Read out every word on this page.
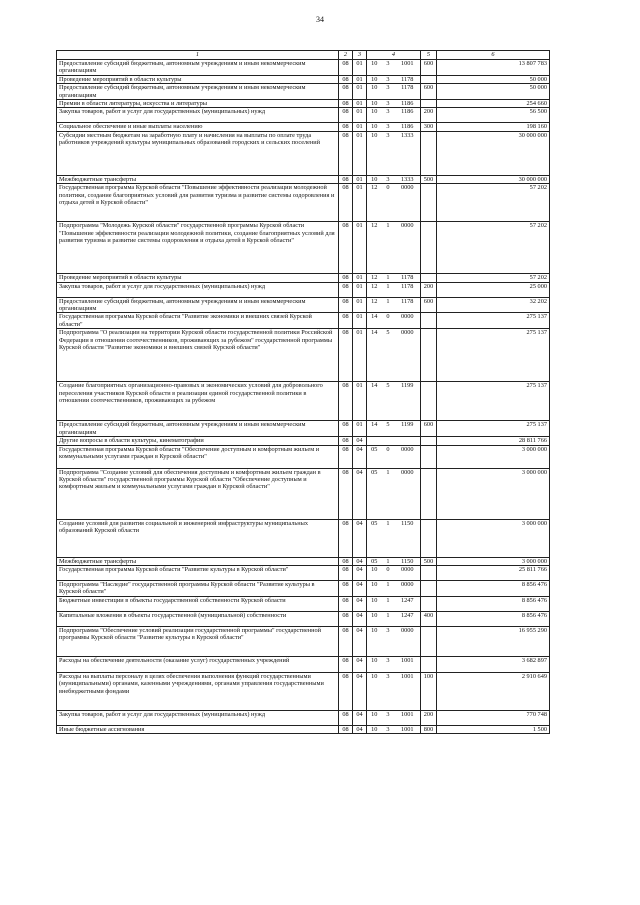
34
1	2	3	4			5	6
Предоставление субсидий бюджетным, автономным учреждениям и иным некоммерческим организациям	08	01	10	3	1001	600	13 807 783
Проведение мероприятий в области культуры	08	01	10	3	1178		50 000
Предоставление субсидий бюджетным, автономным учреждениям и иным некоммерческим организациям	08	01	10	3	1178	600	50 000
Премии в области литературы, искусства и литературы	08	01	10	3	1186		254 660
Закупка товаров, работ и услуг для государственных (муниципальных) нужд	08	01	10	3	1186	200	56 500
Социальное обеспечение и иные выплаты населению	08	01	10	3	1186	300	198 160
Субсидии местным бюджетам на заработную плату и начисления на выплаты по оплате труда работников учреждений культуры муниципальных образований городских и сельских поселений	08	01	10	3	1333		30 000 000
Межбюджетные трансферты	08	01	10	3	1333	500	30 000 000
Государственная программа Курской области "Повышение эффективности реализации молодежной политики, создание благоприятных условий для развития туризма и развитие системы оздоровления и отдыха детей в Курской области"	08	01	12	0	0000		57 202
Подпрограмма "Молодежь Курской области" государственной программы Курской области "Повышение эффективности реализации молодежной политики, создание благоприятных условий для развития туризма и развитие системы оздоровления и отдыха детей в Курской области"	08	01	12	1	0000		57 202
Проведение мероприятий в области культуры	08	01	12	1	1178		57 202
Закупка товаров, работ и услуг для государственных (муниципальных) нужд	08	01	12	1	1178	200	25 000
Предоставление субсидий бюджетным, автономным учреждениям и иным некоммерческим организациям	08	01	12	1	1178	600	32 202
Государственная программа Курской области "Развитие экономики и внешних связей Курской области"	08	01	14	0	0000		275 137
Подпрограмма "О реализации на территории Курской области государственной политики Российской Федерации в отношении соотечественников, проживающих за рубежом" государственной программы Курской области "Развитие экономики и внешних связей Курской области"	08	01	14	5	0000		275 137
Создание благоприятных организационно-правовых и экономических условий для добровольного переселения участников Курской области в реализации единой государственной политики в отношении соотечественников, проживающих за рубежом	08	01	14	5	1199		275 137
Предоставление субсидий бюджетным, автономным учреждениям и иным некоммерческим организациям	08	01	14	5	1199	600	275 137
Другие вопросы в области культуры, кинематографии	08	04					28 811 766
Государственная программа Курской области "Обеспечение доступным и комфортным жильем и коммунальными услугами граждан в Курской области"	08	04	05	0	0000		3 000 000
Подпрограмма "Создание условий для обеспечения доступным и комфортным жильем граждан в Курской области" государственной программы Курской области "Обеспечение доступным и комфортным жильем и коммунальными услугами граждан в Курской области"	08	04	05	1	0000		3 000 000
Создание условий для развития социальной и инженерной инфраструктуры муниципальных образований Курской области	08	04	05	1	1150		3 000 000
Межбюджетные трансферты	08	04	05	1	1150	500	3 000 000
Государственная программа Курской области "Развитие культуры в Курской области"	08	04	10	0	0000		25 811 766
Подпрограмма "Наследие" государственной программы Курской области "Развитие культуры в Курской области"	08	04	10	1	0000		8 856 476
Бюджетные инвестиции в объекты государственной собственности Курской области	08	04	10	1	1247		8 856 476
Капитальные вложения в объекты государственной (муниципальной) собственности	08	04	10	1	1247	400	8 856 476
Подпрограмма "Обеспечение условий реализации государственной программы" государственной программы Курской области "Развитие культуры в Курской области"	08	04	10	3	0000		16 955 290
Расходы на обеспечение деятельности (оказание услуг) государственных учреждений	08	04	10	3	1001		3 682 897
Расходы на выплаты персоналу в целях обеспечения выполнения функций государственными (муниципальными) органами, казенными учреждениями, органами управления государственными внебюджетными фондами	08	04	10	3	1001	100	2 910 649
Закупка товаров, работ и услуг для государственных (муниципальных) нужд	08	04	10	3	1001	200	770 748
Иные бюджетные ассигнования	08	04	10	3	1001	800	1 500
